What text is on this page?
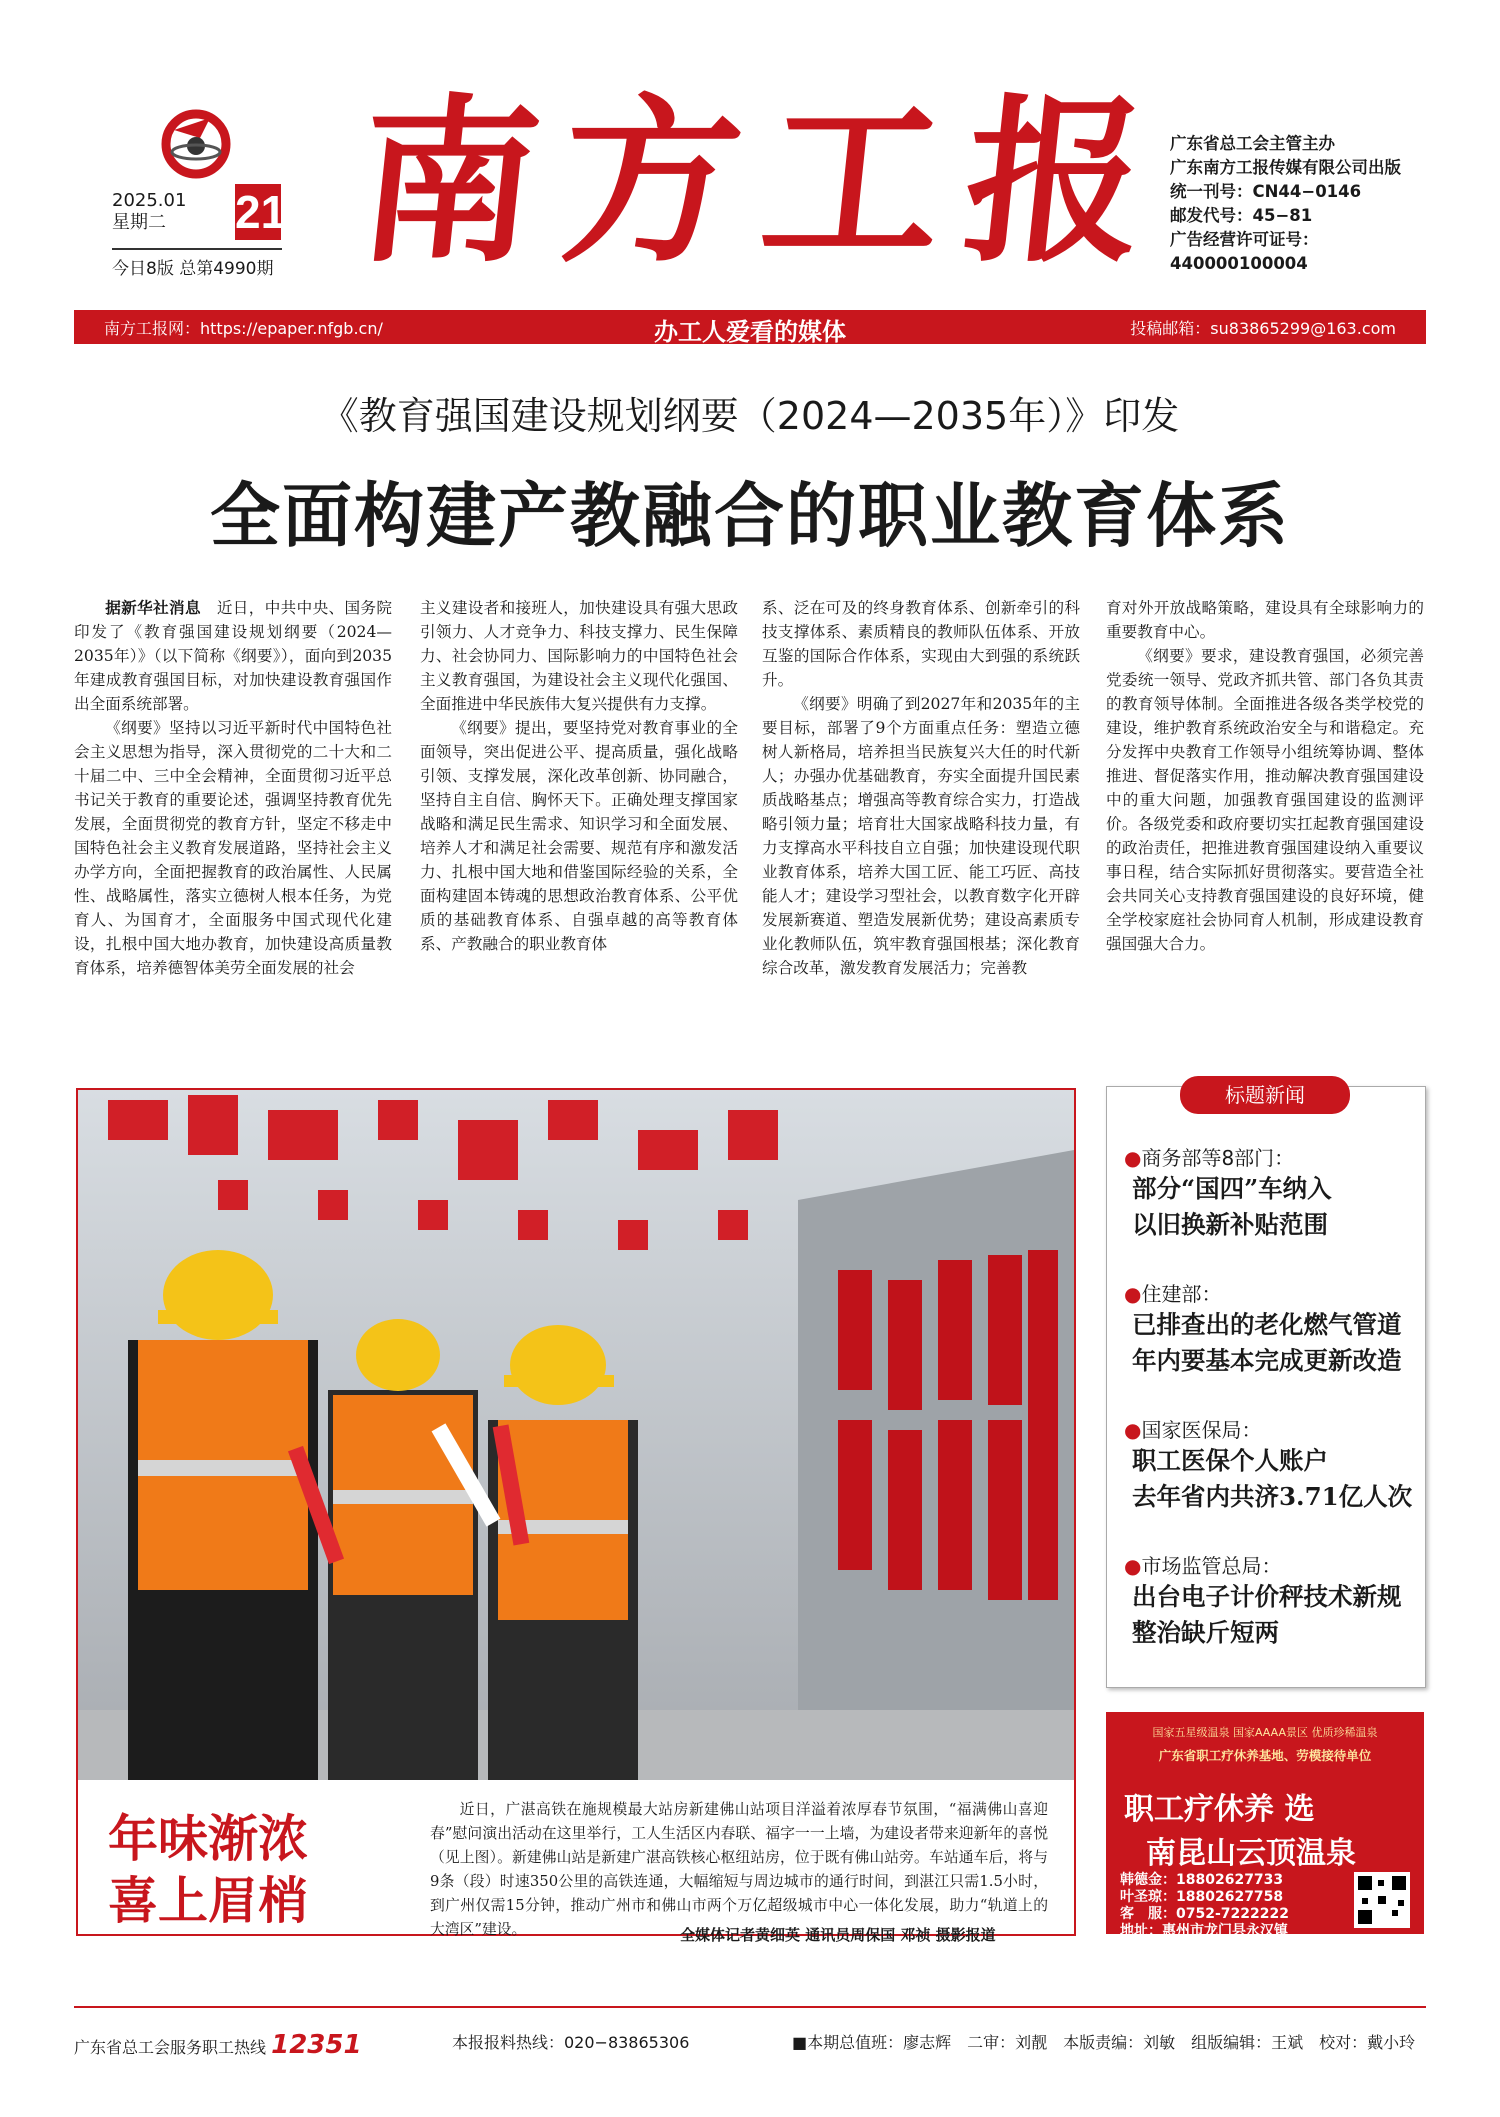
2025.01
星期二	21
今日8版 总第4990期 南方工报
广东省总工会主管主办
广东南方工报传媒有限公司出版
统一刊号：CN44−0146
邮发代号：45−81
广告经营许可证号：
440000100004
南方工报网：https://epaper.nfgb.cn/	办工人爱看的媒体	投稿邮箱：su83865299@163.com
《教育强国建设规划纲要（2024—2035年）》印发
全面构建产教融合的职业教育体系

据新华社消息　 近日，中共中央、国务院印发了《教育强国建设规划纲要（2024—2035年）》（以下简称《纲要》），面向到2035年建成教育强国目标，对加快建设教育强国作出全面系统部署。

《纲要》坚持以习近平新时代中国特色社会主义思想为指导，深入贯彻党的二十大和二十届二中、三中全会精神，全面贯彻习近平总书记关于教育的重要论述，强调坚持教育优先发展，全面贯彻党的教育方针，坚定不移走中国特色社会主义教育发展道路，坚持社会主义办学方向，全面把握教育的政治属性、人民属性、战略属性，落实立德树人根本任务，为党育人、为国育才，全面服务中国式现代化建设，扎根中国大地办教育，加快建设高质量教育体系，培养德智体美劳全面发展的社会

主义建设者和接班人，加快建设具有强大思政引领力、人才竞争力、科技支撑力、民生保障力、社会协同力、国际影响力的中国特色社会主义教育强国，为建设社会主义现代化强国、全面推进中华民族伟大复兴提供有力支撑。

《纲要》提出，要坚持党对教育事业的全面领导，突出促进公平、提高质量，强化战略引领、支撑发展，深化改革创新、协同融合，坚持自主自信、胸怀天下。正确处理支撑国家战略和满足民生需求、知识学习和全面发展、培养人才和满足社会需要、规范有序和激发活力、扎根中国大地和借鉴国际经验的关系，全面构建固本铸魂的思想政治教育体系、公平优质的基础教育体系、自强卓越的高等教育体系、产教融合的职业教育体

系、泛在可及的终身教育体系、创新牵引的科技支撑体系、素质精良的教师队伍体系、开放互鉴的国际合作体系，实现由大到强的系统跃升。

《纲要》明确了到2027年和2035年的主要目标，部署了9个方面重点任务：塑造立德树人新格局，培养担当民族复兴大任的时代新人；办强办优基础教育，夯实全面提升国民素质战略基点；增强高等教育综合实力，打造战略引领力量；培育壮大国家战略科技力量，有力支撑高水平科技自立自强；加快建设现代职业教育体系，培养大国工匠、能工巧匠、高技能人才；建设学习型社会，以教育数字化开辟发展新赛道、塑造发展新优势；建设高素质专业化教师队伍，筑牢教育强国根基；深化教育综合改革，激发教育发展活力；完善教

育对外开放战略策略，建设具有全球影响力的重要教育中心。

《纲要》要求，建设教育强国，必须完善党委统一领导、党政齐抓共管、部门各负其责的教育领导体制。全面推进各级各类学校党的建设，维护教育系统政治安全与和谐稳定。充分发挥中央教育工作领导小组统筹协调、整体推进、督促落实作用，推动解决教育强国建设中的重大问题，加强教育强国建设的监测评价。各级党委和政府要切实扛起教育强国建设的政治责任，把推进教育强国建设纳入重要议事日程，结合实际抓好贯彻落实。要营造全社会共同关心支持教育强国建设的良好环境，健全学校家庭社会协同育人机制，形成建设教育强国强大合力。

年味渐浓
喜上眉梢

近日，广湛高铁在施规模最大站房新建佛山站项目洋溢着浓厚春节氛围，“福满佛山喜迎春”慰问演出活动在这里举行，工人生活区内春联、福字一一上墙，为建设者带来迎新年的喜悦（见上图）。新建佛山站是新建广湛高铁核心枢纽站房，位于既有佛山站旁。车站通车后，将与9条（段）时速350公里的高铁连通，大幅缩短与周边城市的通行时间，到湛江只需1.5小时，到广州仅需15分钟，推动广州市和佛山市两个万亿超级城市中心一体化发展，助力“轨道上的大湾区”建设。	全媒体记者黄细英 通讯员周保国 邓祯 摄影报道
标题新闻
●商务部等8部门：
部分“国四”车纳入
以旧换新补贴范围
●住建部：
已排查出的老化燃气管道
年内要基本完成更新改造
●国家医保局：
职工医保个人账户
去年省内共济3.71亿人次
●市场监管总局：
出台电子计价秤技术新规
整治缺斤短两
国家五星级温泉 国家AAAA景区 优质珍稀温泉
广东省职工疗休养基地、劳模接待单位
职工疗休养 选
南昆山云顶温泉
韩德金：18802627733
叶圣琼：18802627758
客　服：0752-7222222
地址：惠州市龙门县永汉镇
广东省总工会服务职工热线 12351	本报报料热线：020−83865306	■本期总值班：廖志辉　二审：刘靓　本版责编：刘敏　组版编辑：王斌　校对：戴小玲
